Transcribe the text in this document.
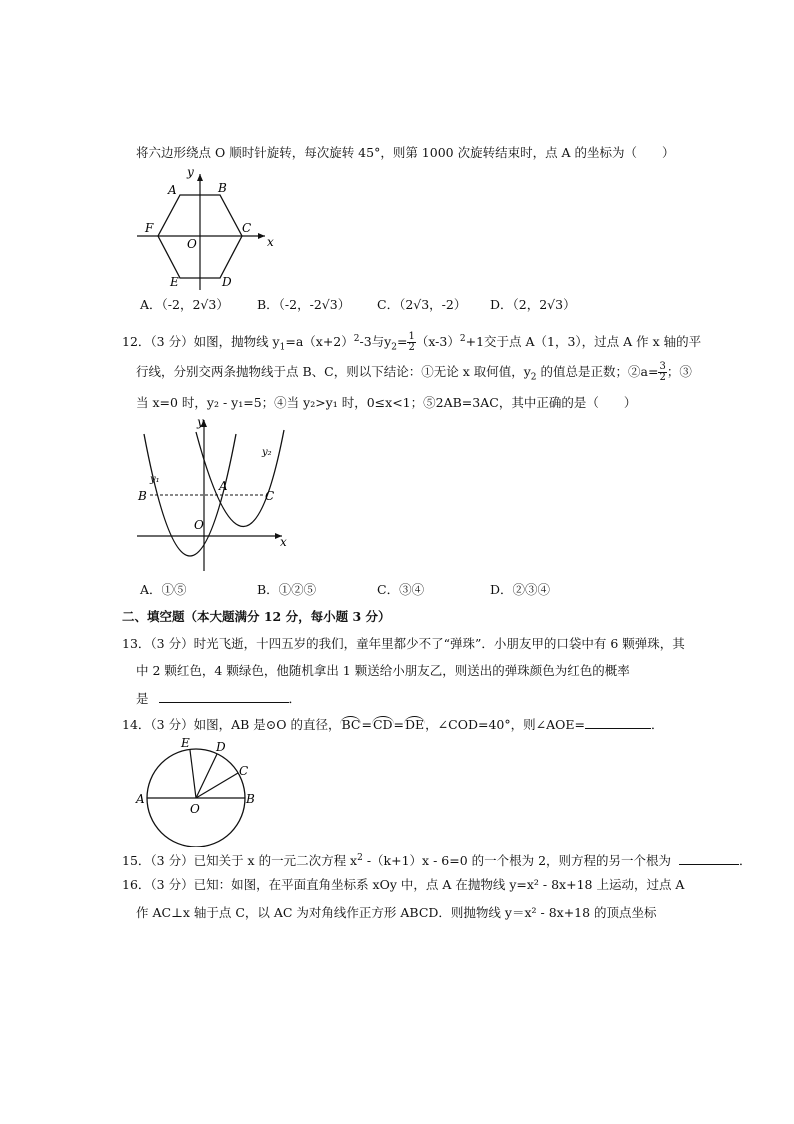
将六边形绕点 O 顺时针旋转，每次旋转 45°，则第 1000 次旋转结束时，点 A 的坐标为（　　）
y
x
A	B
C
D
E
F
O
A．（-2，2√3）	B．（-2，-2√3）	C．（2√3，-2）	D．（2，2√3）
12．（3 分）如图，抛物线 $y_1=a(x+2)^2-3$与$y_2= \frac{1}{2} (x-3)^2+1$交于点 A（1，3），过点 A 作 x 轴的平
行线，分别交两条抛物线于点 B、C，则以下结论：①无论 x 取何值，$y_2$ 的值总是正数；②a= $\frac{3}{2}$ ；③
当 x=0 时，y₂ - y₁=5；④当 y₂>y₁ 时，0≤x<1；⑤2AB=3AC，其中正确的是（　　）
y
x
y₁
y₂
A
B	C
O
A．①⑤	B．①②⑤	C．③④	D．②③④
二、填空题（本大题满分 12 分，每小题 3 分）
13．（3 分）时光飞逝，十四五岁的我们，童年里都少不了“弹珠”．小朋友甲的口袋中有 6 颗弹珠，其
中 2 颗红色，4 颗绿色，他随机拿出 1 颗送给小朋友乙，则送出的弹珠颜色为红色的概率
是	．
14．（3 分）如图，AB 是⊙O 的直径，BC=CD=DE，∠COD=40°，则∠AOE=	．
A	B
C
D
E
O
15．（3 分）已知关于 x 的一元二次方程 $x^2$ -（k+1）x - 6=0 的一个根为 2，则方程的另一个根为	．
16．（3 分）已知：如图，在平面直角坐标系 xOy 中，点 A 在抛物线 y=x² - 8x+18 上运动，过点 A
作 AC⊥x 轴于点 C，以 AC 为对角线作正方形 ABCD．则抛物线 y＝x² - 8x+18 的顶点坐标
